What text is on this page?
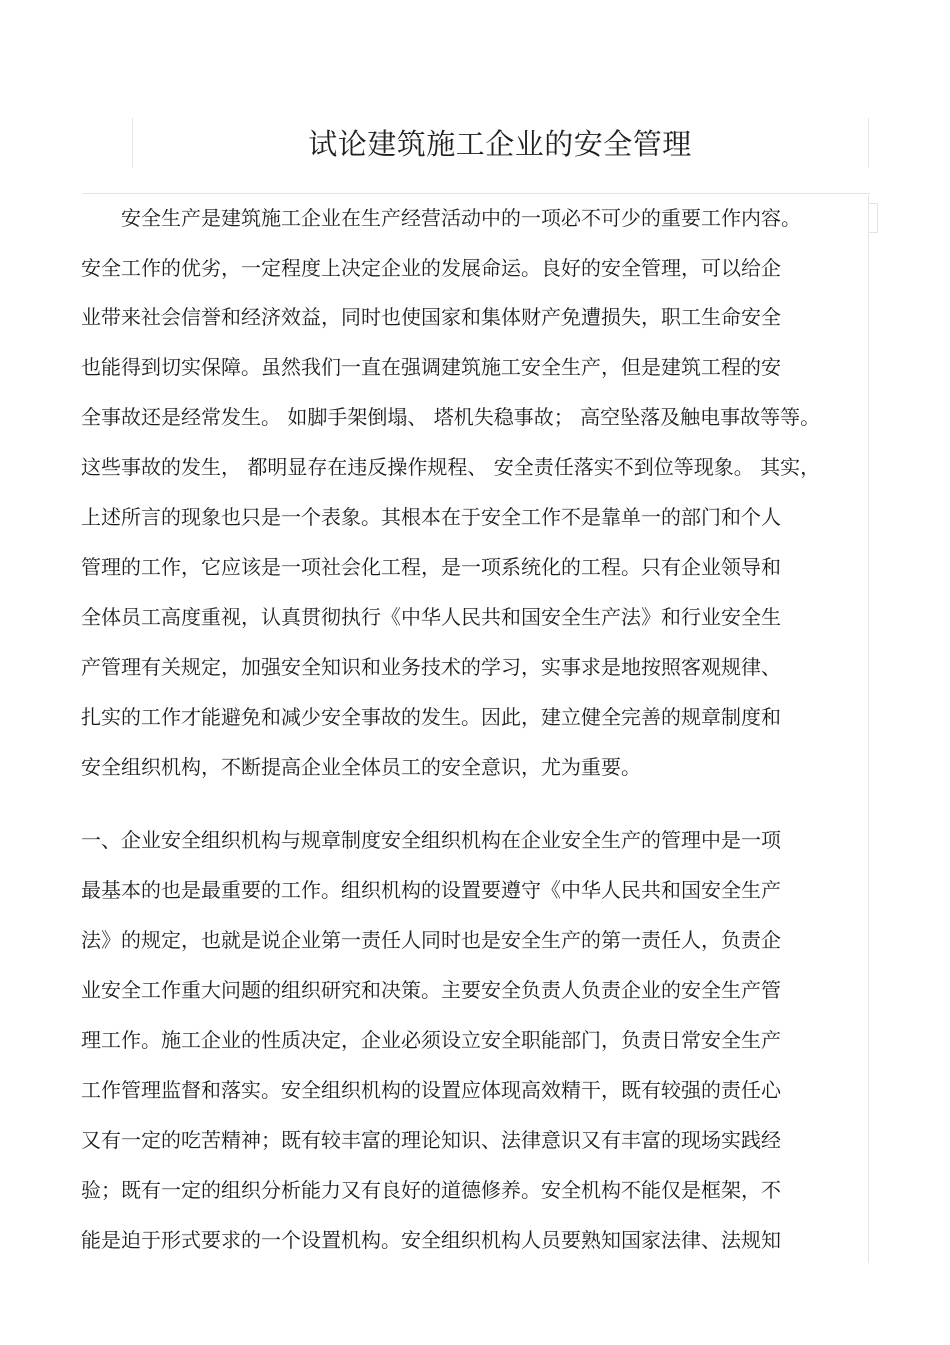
试论建筑施工企业的安全管理
　　安全生产是建筑施工企业在生产经营活动中的一项必不可少的重要工作内容。
安全工作的优劣，一定程度上决定企业的发展命运。良好的安全管理，可以给企
业带来社会信誉和经济效益，同时也使国家和集体财产免遭损失，职工生命安全
也能得到切实保障。虽然我们一直在强调建筑施工安全生产，但是建筑工程的安
全事故还是经常发生。 如脚手架倒塌、 塔机失稳事故； 高空坠落及触电事故等等。
这些事故的发生， 都明显存在违反操作规程、 安全责任落实不到位等现象。 其实，
上述所言的现象也只是一个表象。其根本在于安全工作不是靠单一的部门和个人
管理的工作，它应该是一项社会化工程，是一项系统化的工程。只有企业领导和
全体员工高度重视，认真贯彻执行《中华人民共和国安全生产法》和行业安全生
产管理有关规定，加强安全知识和业务技术的学习，实事求是地按照客观规律、
扎实的工作才能避免和减少安全事故的发生。因此，建立健全完善的规章制度和
安全组织机构，不断提高企业全体员工的安全意识，尤为重要。
一、企业安全组织机构与规章制度安全组织机构在企业安全生产的管理中是一项
最基本的也是最重要的工作。组织机构的设置要遵守《中华人民共和国安全生产
法》的规定，也就是说企业第一责任人同时也是安全生产的第一责任人，负责企
业安全工作重大问题的组织研究和决策。主要安全负责人负责企业的安全生产管
理工作。施工企业的性质决定，企业必须设立安全职能部门，负责日常安全生产
工作管理监督和落实。安全组织机构的设置应体现高效精干，既有较强的责任心
又有一定的吃苦精神；既有较丰富的理论知识、法律意识又有丰富的现场实践经
验；既有一定的组织分析能力又有良好的道德修养。安全机构不能仅是框架，不
能是迫于形式要求的一个设置机构。安全组织机构人员要熟知国家法律、法规知
